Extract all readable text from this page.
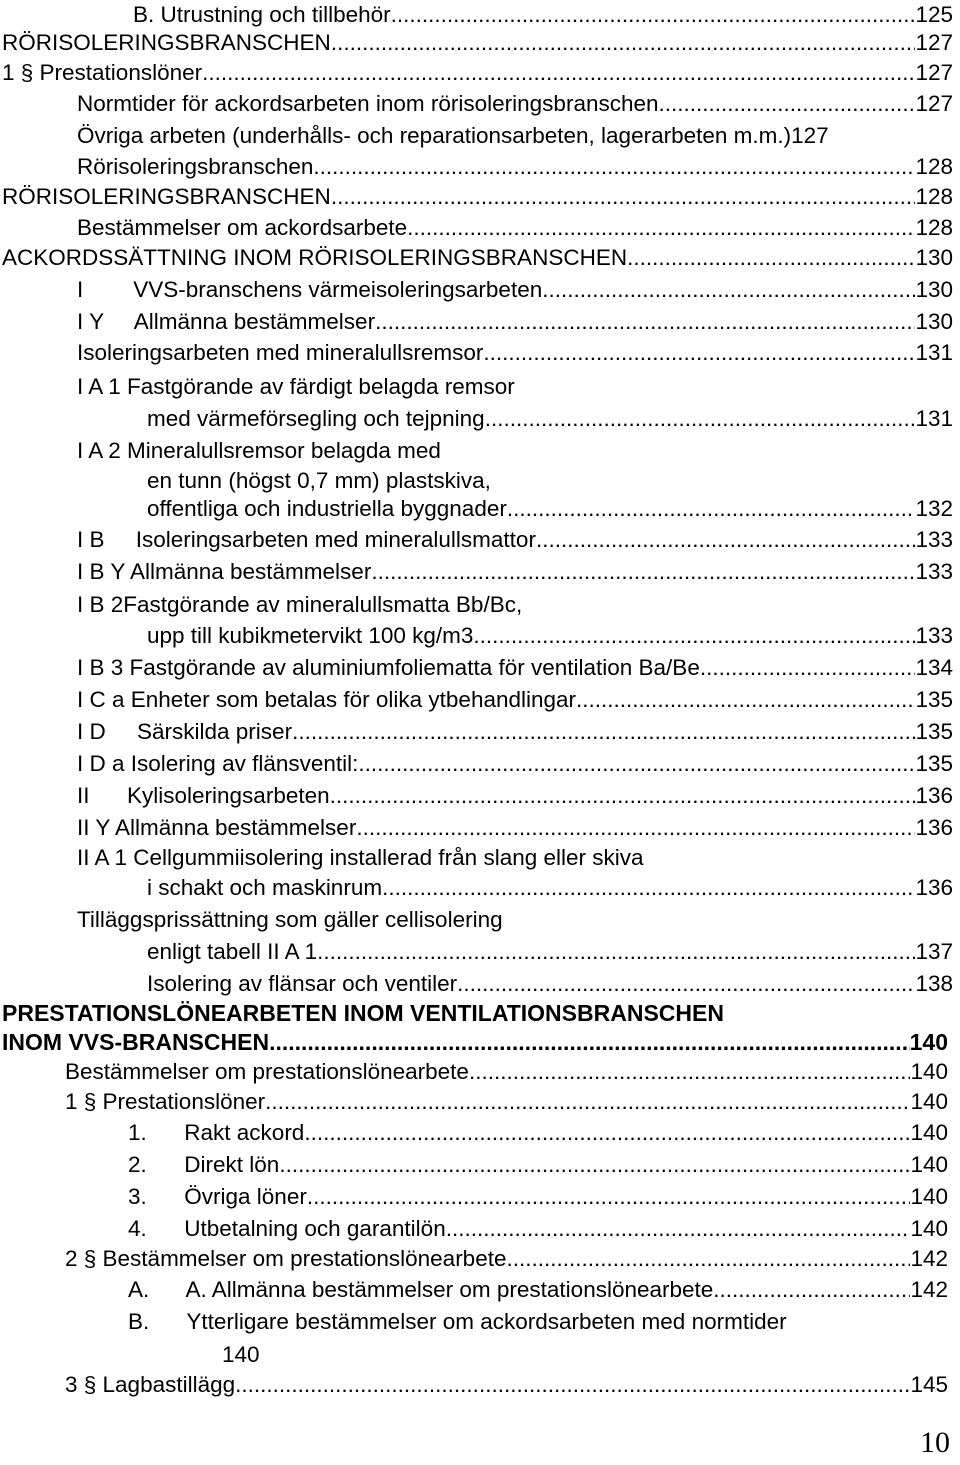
B. Utrustning och tillbehör .....	125
RÖRISOLERINGSBRANSCHEN .....	127
1 § Prestationslöner .....	127
Normtider för ackordsarbeten inom rörisoleringsbranschen .....	127
Övriga arbeten (underhålls- och reparationsarbeten, lagerarbeten m.m.) 127
Rörisoleringsbranschen .....	128
RÖRISOLERINGSBRANSCHEN .....	128
Bestämmelser om ackordsarbete .....	128
ACKORDSSÄTTNING INOM RÖRISOLERINGSBRANSCHEN .....	130
I        VVS-branschens värmeisoleringsarbeten .....	130
I Y     Allmänna bestämmelser .....	130
Isoleringsarbeten med mineralullsremsor .....	131
I A 1 Fastgörande av färdigt belagda remsor
med värmeförsegling och tejpning .....	131
I A 2 Mineralullsremsor belagda med
en tunn (högst 0,7 mm) plastskiva,
offentliga och industriella byggnader .....	132
I B     Isoleringsarbeten med mineralullsmattor .....	133
I B Y Allmänna bestämmelser .....	133
I B 2Fastgörande av mineralullsmatta Bb/Bc,
upp till kubikmetervikt 100 kg/m3 .....	133
I B 3 Fastgörande av aluminiumfoliematta för ventilation Ba/Be .....	134
I C a Enheter som betalas för olika ytbehandlingar .....	135
I D     Särskilda priser .....	135
I D a Isolering av flänsventil: .....	135
II      Kylisoleringsarbeten .....	136
II Y Allmänna bestämmelser .....	136
II A 1 Cellgummiisolering installerad från slang eller skiva
i schakt och maskinrum .....	136
Tilläggsprissättning som gäller cellisolering
enligt tabell II A 1 .....	137
Isolering av flänsar och ventiler .....	138
PRESTATIONSLÖNEARBETEN INOM VENTILATIONSBRANSCHEN
INOM VVS-BRANSCHEN .....	140
Bestämmelser om prestationslönearbete .....	140
1 § Prestationslöner .....	140
1.      Rakt ackord .....	140
2.      Direkt lön .....	140
3.      Övriga löner .....	140
4.      Utbetalning och garantilön .....	140
2 § Bestämmelser om prestationslönearbete .....	142
A.      A. Allmänna bestämmelser om prestationslönearbete .....	142
B.      Ytterligare bestämmelser om ackordsarbeten med normtider
140
3 § Lagbastillägg .....	145
10
